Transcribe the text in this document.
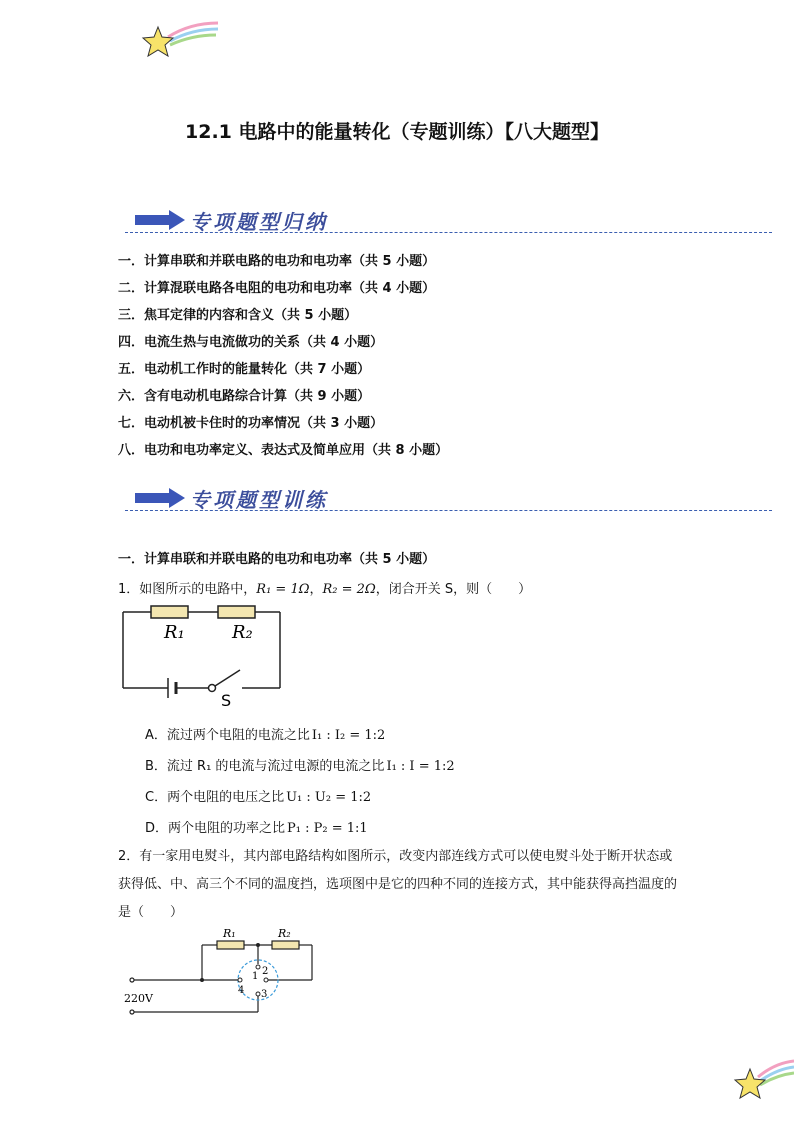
12.1 电路中的能量转化（专题训练）【八大题型】
专项题型归纳
一．计算串联和并联电路的电功和电功率（共 5 小题）
二．计算混联电路各电阻的电功和电功率（共 4 小题）
三．焦耳定律的内容和含义（共 5 小题）
四．电流生热与电流做功的关系（共 4 小题）
五．电动机工作时的能量转化（共 7 小题）
六．含有电动机电路综合计算（共 9 小题）
七．电动机被卡住时的功率情况（共 3 小题）
八．电功和电功率定义、表达式及简单应用（共 8 小题）
专项题型训练
一．计算串联和并联电路的电功和电功率（共 5 小题）
1．如图所示的电路中，R₁ = 1Ω，R₂ = 2Ω，闭合开关 S，则（　　）
R₁	R₂
S
A．流过两个电阻的电流之比 I₁ : I₂ = 1:2
B．流过 R₁ 的电流与流过电源的电流之比 I₁ : I = 1:2
C．两个电阻的电压之比 U₁ : U₂ = 1:2
D．两个电阻的功率之比 P₁ : P₂ = 1:1
2．有一家用电熨斗，其内部电路结构如图所示，改变内部连线方式可以使电熨斗处于断开状态或获得低、中、高三个不同的温度挡，选项图中是它的四种不同的连接方式，其中能获得高挡温度的是（　　）
R₁	R₂
1 2
3
4
220V
